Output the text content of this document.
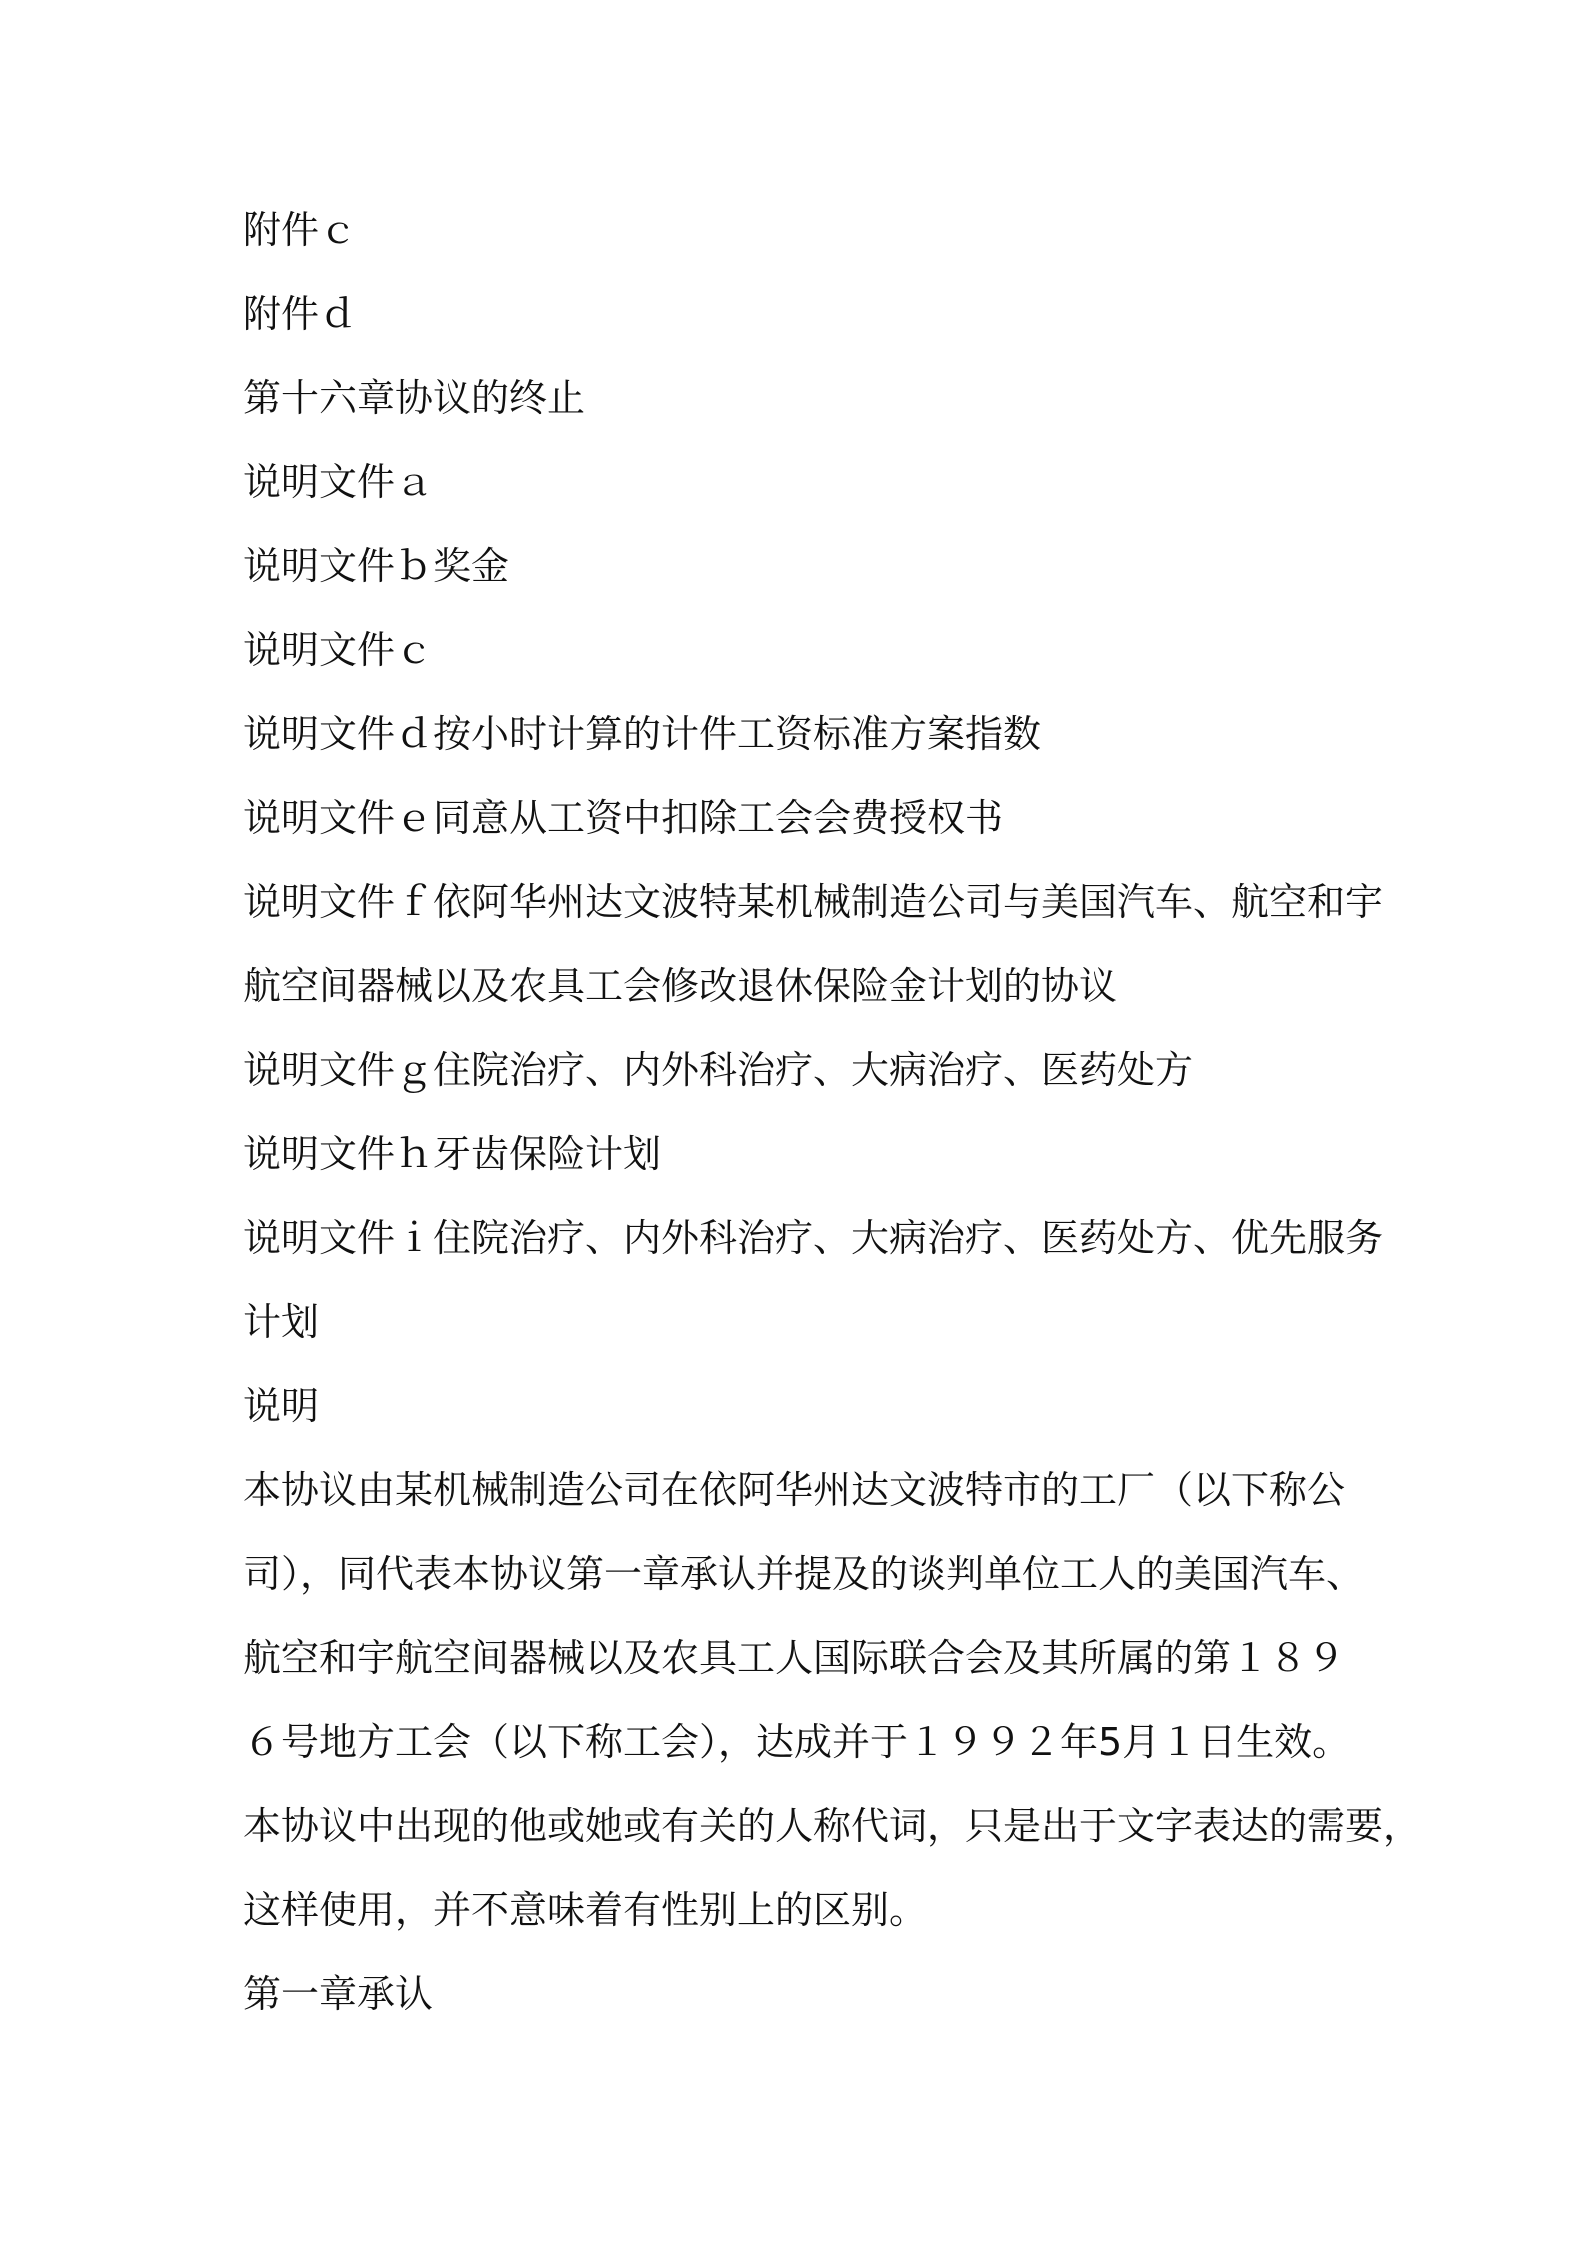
附件ｃ
附件ｄ
第十六章协议的终止
说明文件ａ
说明文件ｂ奖金
说明文件ｃ
说明文件ｄ按小时计算的计件工资标准方案指数
说明文件ｅ同意从工资中扣除工会会费授权书
说明文件ｆ依阿华州达文波特某机械制造公司与美国汽车、航空和宇
航空间器械以及农具工会修改退休保险金计划的协议
说明文件ｇ住院治疗、内外科治疗、大病治疗、医药处方
说明文件ｈ牙齿保险计划
说明文件ｉ住院治疗、内外科治疗、大病治疗、医药处方、优先服务
计划
说明
本协议由某机械制造公司在依阿华州达文波特市的工厂（以下称公
司），同代表本协议第一章承认并提及的谈判单位工人的美国汽车、
航空和宇航空间器械以及农具工人国际联合会及其所属的第１８９
６号地方工会（以下称工会），达成并于１９９２年5月１日生效。
本协议中出现的他或她或有关的人称代词，只是出于文字表达的需要，
这样使用，并不意味着有性别上的区别。
第一章承认
